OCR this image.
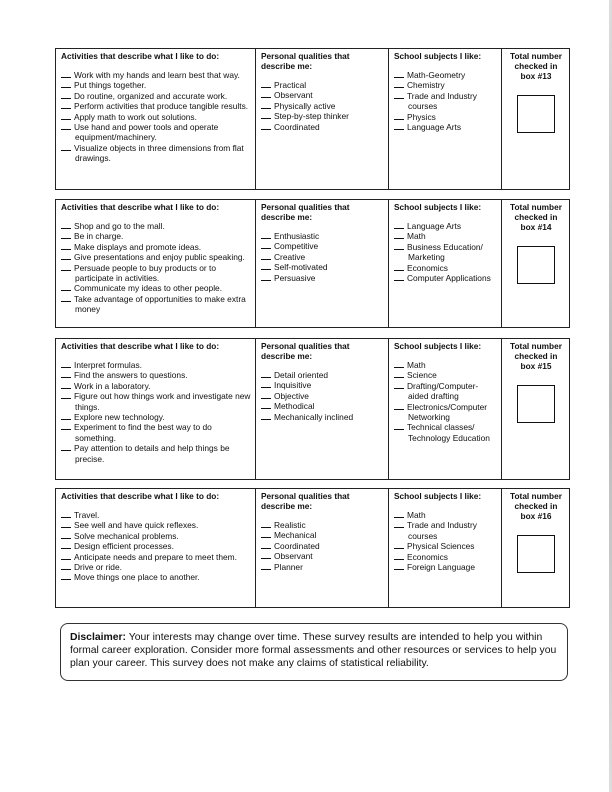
Activities that describe what I like to do:
Work with my hands and learn best that way.
Put things together.
Do routine, organized and accurate work.
Perform activities that produce tangible results.
Apply math to work out solutions.
Use hand and power tools and operate equipment/machinery.
Visualize objects in three dimensions from flat drawings.
Personal qualities that describe me:
Practical
Observant
Physically active
Step-by-step thinker
Coordinated
School subjects I like:
Math-Geometry
Chemistry
Trade and Industry courses
Physics
Language Arts
Total number checked in box #13
Activities that describe what I like to do:
Shop and go to the mall.
Be in charge.
Make displays and promote ideas.
Give presentations and enjoy public speaking.
Persuade people to buy products or to participate in activities.
Communicate my ideas to other people.
Take advantage of opportunities to make extra money
Personal qualities that describe me:
Enthusiastic
Competitive
Creative
Self-motivated
Persuasive
School subjects I like:
Language Arts
Math
Business Education/ Marketing
Economics
Computer Applications
Total number checked in box #14
Activities that describe what I like to do:
Interpret formulas.
Find the answers to questions.
Work in a laboratory.
Figure out how things work and investigate new things.
Explore new technology.
Experiment to find the best way to do something.
Pay attention to details and help things be precise.
Personal qualities that describe me:
Detail oriented
Inquisitive
Objective
Methodical
Mechanically inclined
School subjects I like:
Math
Science
Drafting/Computer-aided drafting
Electronics/Computer Networking
Technical classes/ Technology Education
Total number checked in box #15
Activities that describe what I like to do:
Travel.
See well and have quick reflexes.
Solve mechanical problems.
Design efficient processes.
Anticipate needs and prepare to meet them.
Drive or ride.
Move things one place to another.
Personal qualities that describe me:
Realistic
Mechanical
Coordinated
Observant
Planner
School subjects I like:
Math
Trade and Industry courses
Physical Sciences
Economics
Foreign Language
Total number checked in box #16
Disclaimer: Your interests may change over time. These survey results are intended to help you within formal career exploration. Consider more formal assessments and other resources or services to help you plan your career. This survey does not make any claims of statistical reliability.
